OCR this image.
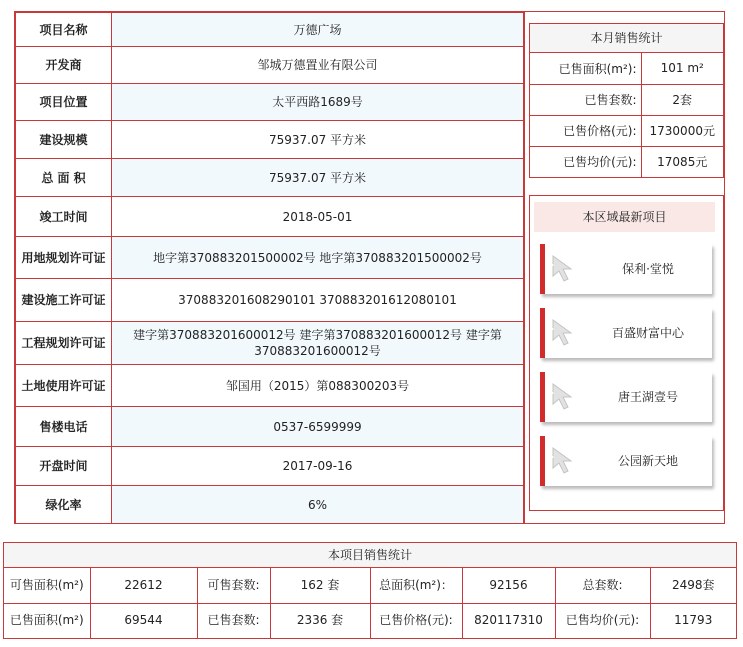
项目名称	万德广场
开发商	邹城万德置业有限公司
项目位置	太平西路1689号
建设规模	75937.07 平方米
总 面 积	75937.07 平方米
竣工时间	2018-05-01
用地规划许可证	地字第370883201500002号 地字第370883201500002号
建设施工许可证	370883201608290101 370883201612080101
工程规划许可证	建字第370883201600012号 建字第370883201600012号 建字第370883201600012号
土地使用许可证	邹国用（2015）第088300203号
售楼电话	0537-6599999
开盘时间	2017-09-16
绿化率	6%
本月销售统计
已售面积(m²):	101 m²
已售套数:	2套
已售价格(元):	1730000元
已售均价(元):	17085元
本区域最新项目
保利·堂悦
百盛财富中心
唐王湖壹号
公园新天地
本项目销售统计
可售面积(m²)	22612	可售套数:	162 套	总面积(m²)：	92156	总套数:	2498套
已售面积(m²)	69544	已售套数:	2336 套	已售价格(元):	820117310	已售均价(元):	11793
